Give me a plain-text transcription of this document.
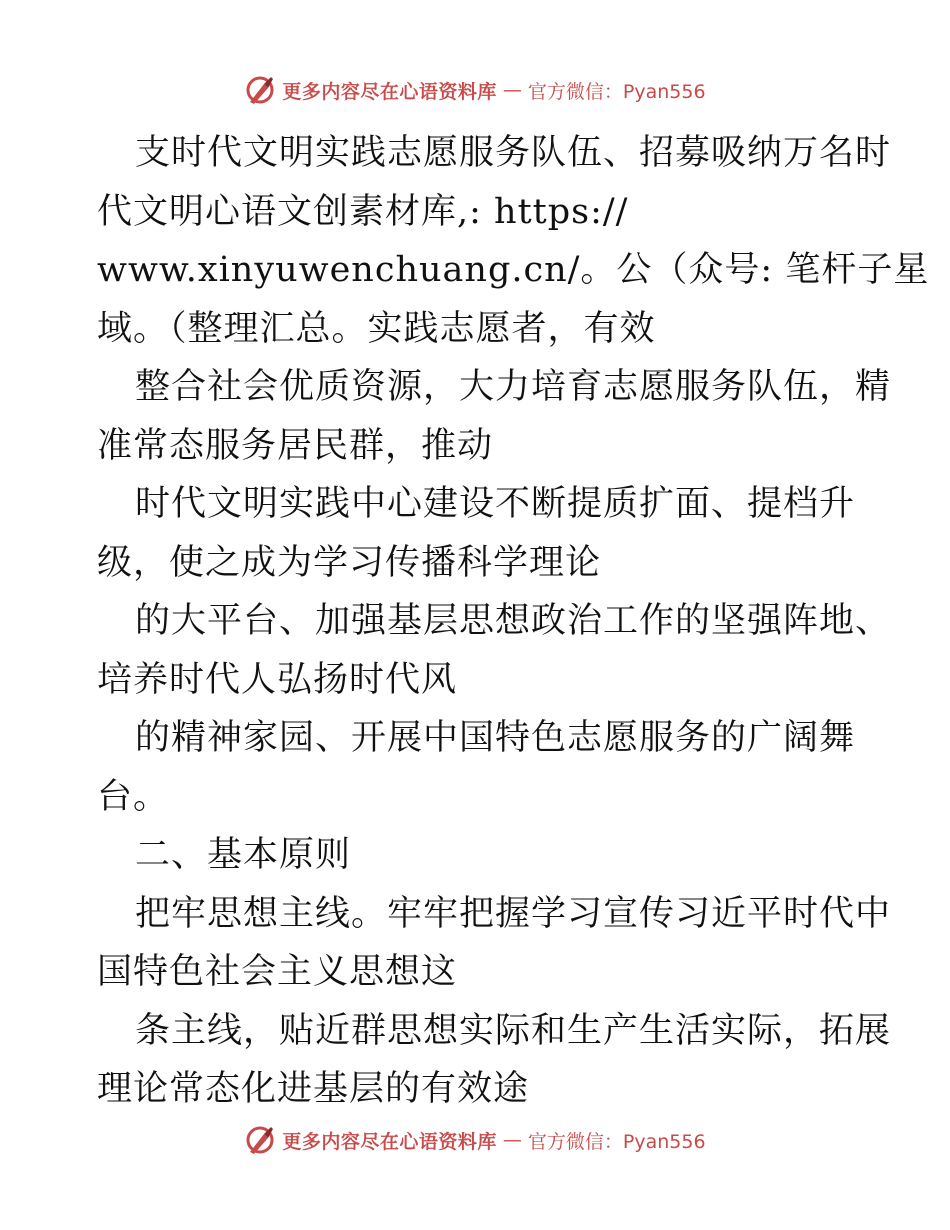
更多内容尽在心语资料库 — 官方微信：Pyan556
支时代文明实践志愿服务队伍、招募吸纳万名时
代文明心语文创素材库,: https://
www.xinyuwenchuang.cn/。公（众号: 笔杆子星
域。（整理汇总。实践志愿者，有效
整合社会优质资源，大力培育志愿服务队伍，精
准常态服务居民群，推动
时代文明实践中心建设不断提质扩面、提档升
级，使之成为学习传播科学理论
的大平台、加强基层思想政治工作的坚强阵地、
培养时代人弘扬时代风
的精神家园、开展中国特色志愿服务的广阔舞
台。
二、基本原则
把牢思想主线。牢牢把握学习宣传习近平时代中
国特色社会主义思想这
条主线，贴近群思想实际和生产生活实际，拓展
理论常态化进基层的有效途
更多内容尽在心语资料库 — 官方微信：Pyan556
